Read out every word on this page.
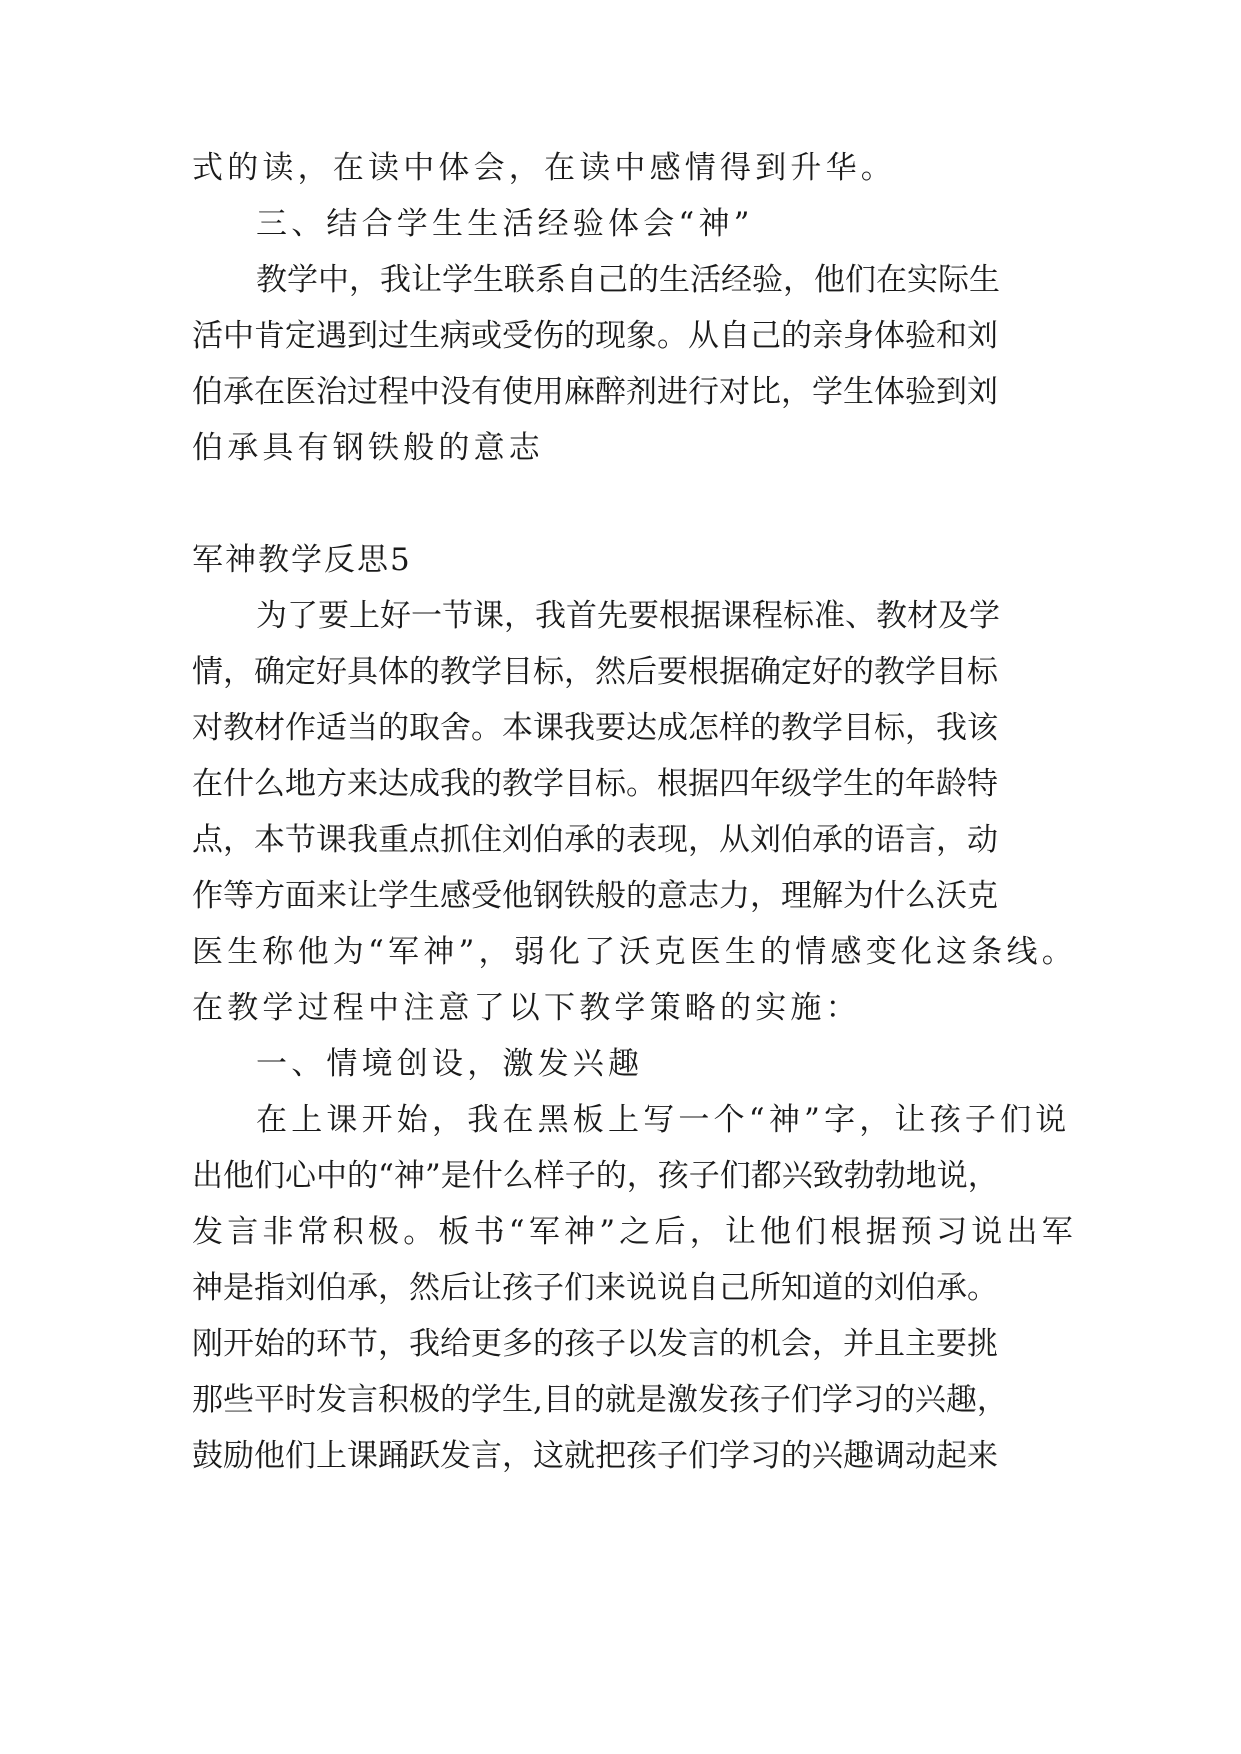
式的读，在读中体会，在读中感情得到升华。
三、结合学生生活经验体会“神”
教学中，我让学生联系自己的生活经验，他们在实际生
活中肯定遇到过生病或受伤的现象。从自己的亲身体验和刘
伯承在医治过程中没有使用麻醉剂进行对比，学生体验到刘
伯承具有钢铁般的意志
军神教学反思5
为了要上好一节课，我首先要根据课程标准、教材及学
情，确定好具体的教学目标，然后要根据确定好的教学目标
对教材作适当的取舍。本课我要达成怎样的教学目标，我该
在什么地方来达成我的教学目标。根据四年级学生的年龄特
点，本节课我重点抓住刘伯承的表现，从刘伯承的语言，动
作等方面来让学生感受他钢铁般的意志力，理解为什么沃克
医生称他为“军神”，弱化了沃克医生的情感变化这条线。
在教学过程中注意了以下教学策略的实施：
一、情境创设，激发兴趣
在上课开始，我在黑板上写一个“神”字，让孩子们说
出他们心中的“神”是什么样子的，孩子们都兴致勃勃地说，
发言非常积极。板书“军神”之后，让他们根据预习说出军
神是指刘伯承，然后让孩子们来说说自己所知道的刘伯承。
刚开始的环节，我给更多的孩子以发言的机会，并且主要挑
那些平时发言积极的学生,目的就是激发孩子们学习的兴趣，
鼓励他们上课踊跃发言，这就把孩子们学习的兴趣调动起来
